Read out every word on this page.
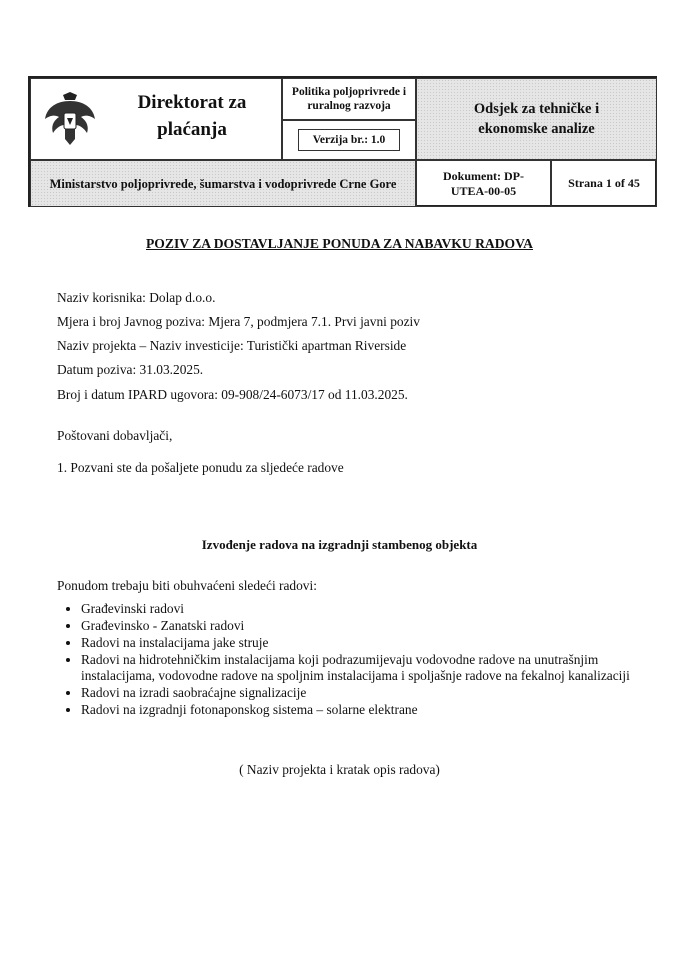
Direktorat za plaćanja
Politika poljoprivrede i ruralnog razvoja
Verzija br.: 1.0
Odsjek za tehničke i ekonomske analize
Ministarstvo poljoprivrede, šumarstva i vodoprivrede Crne Gore
Dokument: DP-UTEA-00-05
Strana 1 of 45
POZIV ZA DOSTAVLJANJE PONUDA ZA NABAVKU RADOVA
Naziv korisnika: Dolap d.o.o.
Mjera i broj Javnog poziva: Mjera 7, podmjera 7.1. Prvi javni poziv
Naziv projekta – Naziv investicije: Turistički apartman Riverside
Datum poziva: 31.03.2025.
Broj i datum IPARD ugovora: 09-908/24-6073/17 od 11.03.2025.
Poštovani dobavljači,
1. Pozvani ste da pošaljete ponudu za sljedeće radove
Izvođenje radova na izgradnji stambenog objekta
Ponudom trebaju biti obuhvaćeni sledeći radovi:
• Građevinski radovi
• Građevinsko - Zanatski radovi
• Radovi na instalacijama jake struje
• Radovi na hidrotehničkim instalacijama koji podrazumijevaju vodovodne radove na unutrašnjim instalacijama, vodovodne radove na spoljnim instalacijama i spoljašnje radove na fekalnoj kanalizaciji
• Radovi na izradi saobraćajne signalizacije
• Radovi na izgradnji fotonaponskog sistema – solarne elektrane
( Naziv projekta i kratak opis radova)
